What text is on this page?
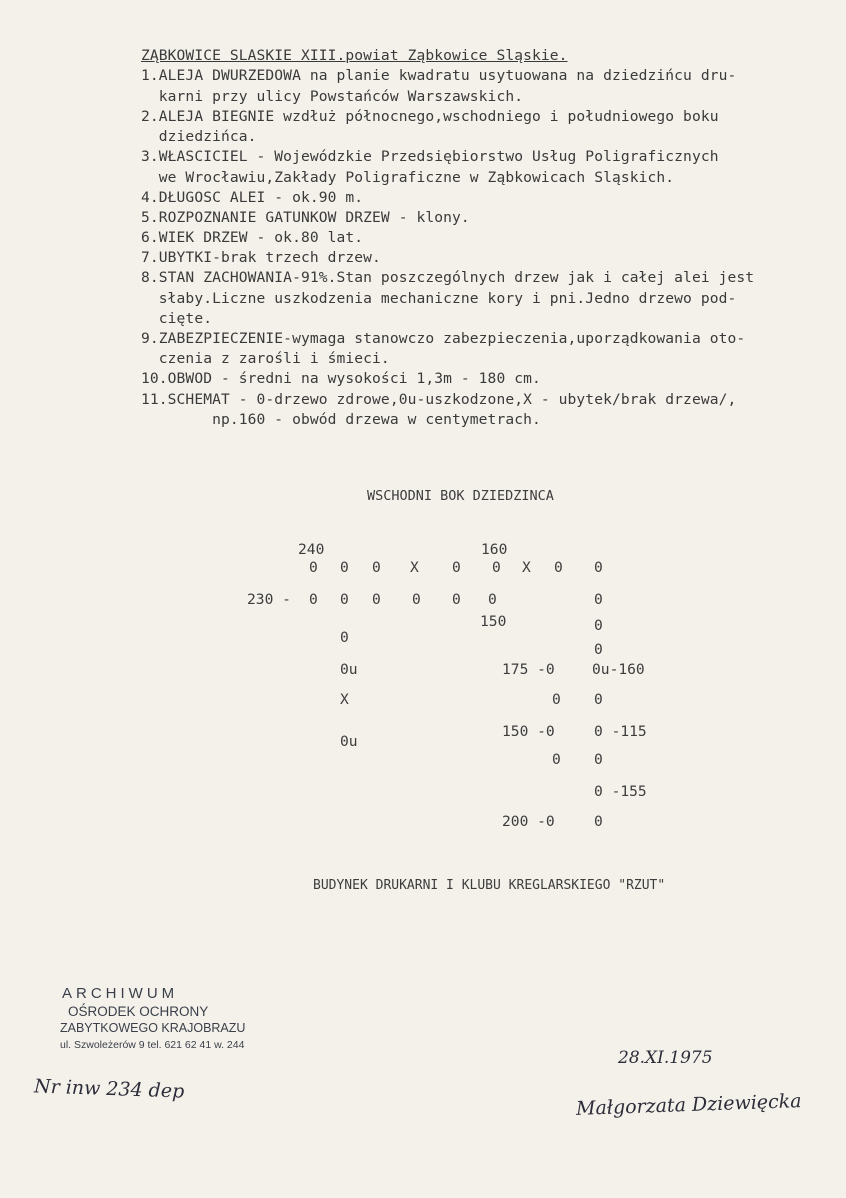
ZĄBKOWICE SLASKIE XIII.powiat Ząbkowice Sląskie.
1.ALEJA DWURZEDOWA na planie kwadratu usytuowana na dziedzińcu dru-
karni przy ulicy Powstańców Warszawskich.
2.ALEJA BIEGNIE wzdłuż północnego,wschodniego i południowego boku
dziedzińca.
3.WŁASCICIEL - Wojewódzkie Przedsiębiorstwo Usług Poligraficznych
we Wrocławiu,Zakłady Poligraficzne w Ząbkowicach Sląskich.
4.DŁUGOSC ALEI - ok.90 m.
5.ROZPOZNANIE GATUNKOW DRZEW - klony.
6.WIEK DRZEW - ok.80 lat.
7.UBYTKI-brak trzech drzew.
8.STAN ZACHOWANIA-91%.Stan poszczególnych drzew jak i całej alei jest
słaby.Liczne uszkodzenia mechaniczne kory i pni.Jedno drzewo pod-
cięte.
9.ZABEZPIECZENIE-wymaga stanowczo zabezpieczenia,uporządkowania oto-
czenia z zarośli i śmieci.
10.OBWOD - średni na wysokości 1,3m - 180 cm.
11.SCHEMAT - 0-drzewo zdrowe,0u-uszkodzone,X - ubytek/brak drzewa/,
np.160 - obwód drzewa w centymetrach.
WSCHODNI BOK DZIEDZINCA
240	160
0 0 0 X 0 0 X 0 0
230 - 0 0 0 0 0 0	0
150	0
0
0
0u	175 -0	0u-160
X	0 0
0u
150 -0	0 -115
0 0
0 -155
200 -0	0
BUDYNEK DRUKARNI I KLUBU KREGLARSKIEGO "RZUT"
ARCHIWUM
OŚRODEK OCHRONY
ZABYTKOWEGO KRAJOBRAZU
ul. Szwoleżerów 9 tel. 621 62 41 w. 244
Nr inw 234 dep
28.XI.1975
Małgorzata Dziewięcka
